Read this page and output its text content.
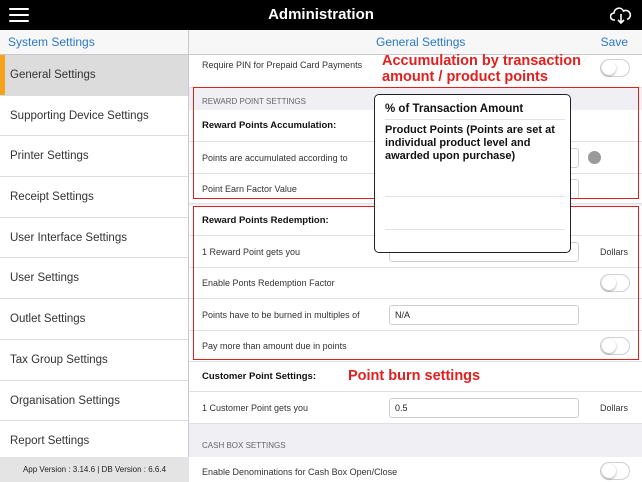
Administration
System Settings	General Settings	Save
General Settings
Supporting Device Settings
Printer Settings
Receipt Settings
User Interface Settings
User Settings
Outlet Settings
Tax Group Settings
Organisation Settings
Report Settings
App Version : 3.14.6 | DB Version : 6.6.4
Require PIN for Prepaid Card Payments
REWARD POINT SETTINGS
Reward Points Accumulation:
Points are accumulated according to
Point Earn Factor Value
Reward Points Redemption:
1 Reward Point gets you	Dollars
Enable Ponts Redemption Factor
Points have to be burned in multiples of	N/A
Pay more than amount due in points
Customer Point Settings:
1 Customer Point gets you	0.5	Dollars
CASH BOX SETTINGS
Enable Denominations for Cash Box Open/Close
Accumulation by transaction amount / product points
Point burn settings
% of Transaction Amount
Product Points (Points are set at individual product level and awarded upon purchase)
